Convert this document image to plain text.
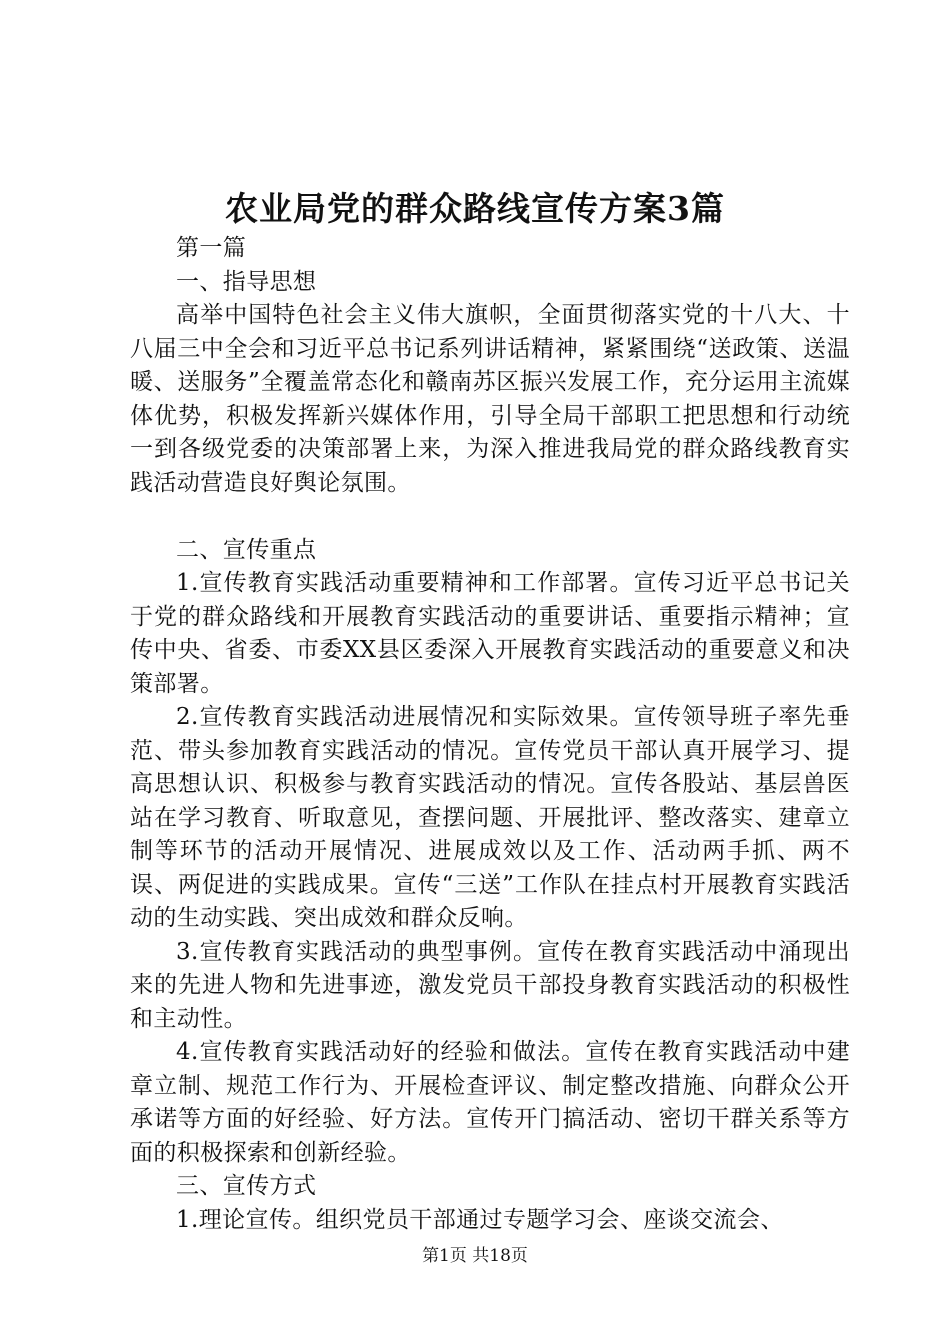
农业局党的群众路线宣传方案3篇

第一篇

一、指导思想

高举中国特色社会主义伟大旗帜，全面贯彻落实党的十八大、十八届三中全会和习近平总书记系列讲话精神，紧紧围绕“送政策、送温暖、送服务”全覆盖常态化和赣南苏区振兴发展工作，充分运用主流媒体优势，积极发挥新兴媒体作用，引导全局干部职工把思想和行动统一到各级党委的决策部署上来，为深入推进我局党的群众路线教育实践活动营造良好舆论氛围。

二、宣传重点

1.宣传教育实践活动重要精神和工作部署。宣传习近平总书记关于党的群众路线和开展教育实践活动的重要讲话、重要指示精神；宣传中央、省委、市委XX县区委深入开展教育实践活动的重要意义和决策部署。

2.宣传教育实践活动进展情况和实际效果。宣传领导班子率先垂范、带头参加教育实践活动的情况。宣传党员干部认真开展学习、提高思想认识、积极参与教育实践活动的情况。宣传各股站、基层兽医站在学习教育、听取意见，查摆问题、开展批评、整改落实、建章立制等环节的活动开展情况、进展成效以及工作、活动两手抓、两不误、两促进的实践成果。宣传“三送”工作队在挂点村开展教育实践活动的生动实践、突出成效和群众反响。

3.宣传教育实践活动的典型事例。宣传在教育实践活动中涌现出来的先进人物和先进事迹，激发党员干部投身教育实践活动的积极性和主动性。

4.宣传教育实践活动好的经验和做法。宣传在教育实践活动中建章立制、规范工作行为、开展检查评议、制定整改措施、向群众公开承诺等方面的好经验、好方法。宣传开门搞活动、密切干群关系等方面的积极探索和创新经验。

三、宣传方式

1.理论宣传。组织党员干部通过专题学习会、座谈交流会、

第1页 共18页
